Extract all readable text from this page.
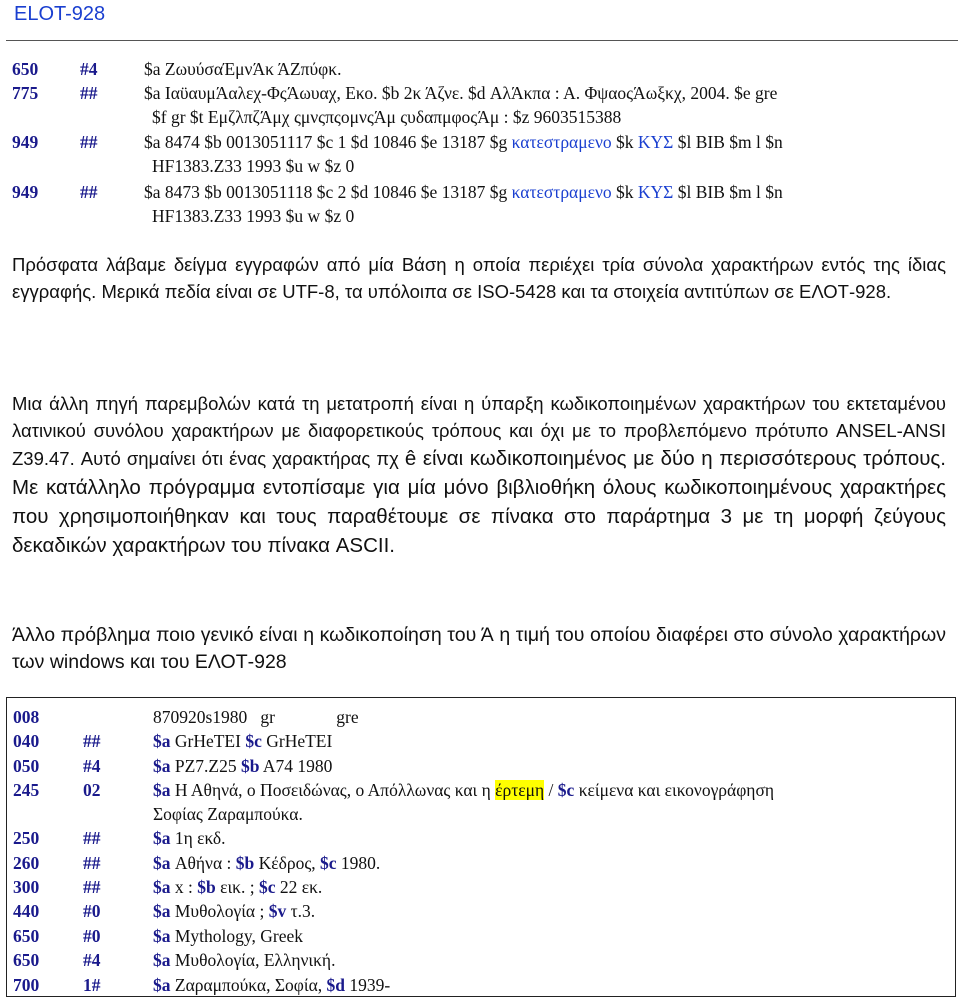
ELOT-928
650	#4	$a ΖωυύσαΈμνΆκ ΆΖπύφκ.
775	##	$a ΙαϋαυμΆαλεχ-ΦςΆωυαχ, Εκο. $b 2κ Άζνε. $d ΑλΆκπα : Α. ΦψαοςΆωξκχ, 2004. $e gre
$f gr $t ΕμζλπζΆμχ ςμνςπςομνςΆμ ςυδαπμφοςΆμ : $z 9603515388
949	##	$a 8474 $b 0013051117 $c 1 $d 10846 $e 13187 $g κατεστραμενο $k ΚΥΣ $l BIB $m l $n
HF1383.Z33 1993 $u w $z 0
949	##	$a 8473 $b 0013051118 $c 2 $d 10846 $e 13187 $g κατεστραμενο $k ΚΥΣ $l BIB $m l $n
HF1383.Z33 1993 $u w $z 0
Πρόσφατα λάβαμε δείγμα εγγραφών από μία Βάση η οποία περιέχει τρία σύνολα χαρακτήρων εντός της ίδιας εγγραφής. Μερικά πεδία είναι σε UTF-8, τα υπόλοιπα σε ISO-5428 και τα στοιχεία αντιτύπων σε ΕΛΟΤ-928.
Μια άλλη πηγή παρεμβολών κατά τη μετατροπή είναι η ύπαρξη κωδικοποιημένων χαρακτήρων του εκτεταμένου λατινικού συνόλου χαρακτήρων με διαφορετικούς τρόπους και όχι με το προβλεπόμενο πρότυπο ANSEL-ANSI Z39.47. Αυτό σημαίνει ότι ένας χαρακτήρας πχ ê είναι κωδικοποιημένος με δύο η περισσότερους τρόπους. Με κατάλληλο πρόγραμμα εντοπίσαμε για μία μόνο βιβλιοθήκη όλους κωδικοποιημένους χαρακτήρες που χρησιμοποιήθηκαν και τους παραθέτουμε σε πίνακα στο παράρτημα 3 με τη μορφή ζεύγους δεκαδικών χαρακτήρων του πίνακα ASCII.
Άλλο πρόβλημα ποιο γενικό είναι η κωδικοποίηση του Ά η τιμή του οποίου διαφέρει στο σύνολο χαρακτήρων των windows και του ΕΛΟΤ-928
008	870920s1980   gr              gre
040	##	$a GrHeTEI $c GrHeTEI
050	#4	$a PZ7.Z25 $b A74 1980
245	02	$a Η Αθηνά, ο Ποσειδώνας, ο Απόλλωνας και η έρτεμη / $c κείμενα και εικονογράφηση
Σοφίας Ζαραμπούκα.
250	##	$a 1η εκδ.
260	##	$a Αθήνα : $b Κέδρος, $c 1980.
300	##	$a x : $b εικ. ; $c 22 εκ.
440	#0	$a Μυθολογία ; $v τ.3.
650	#0	$a Mythology, Greek
650	#4	$a Μυθολογία, Ελληνική.
700	1#	$a Ζαραμπούκα, Σοφία, $d 1939-
